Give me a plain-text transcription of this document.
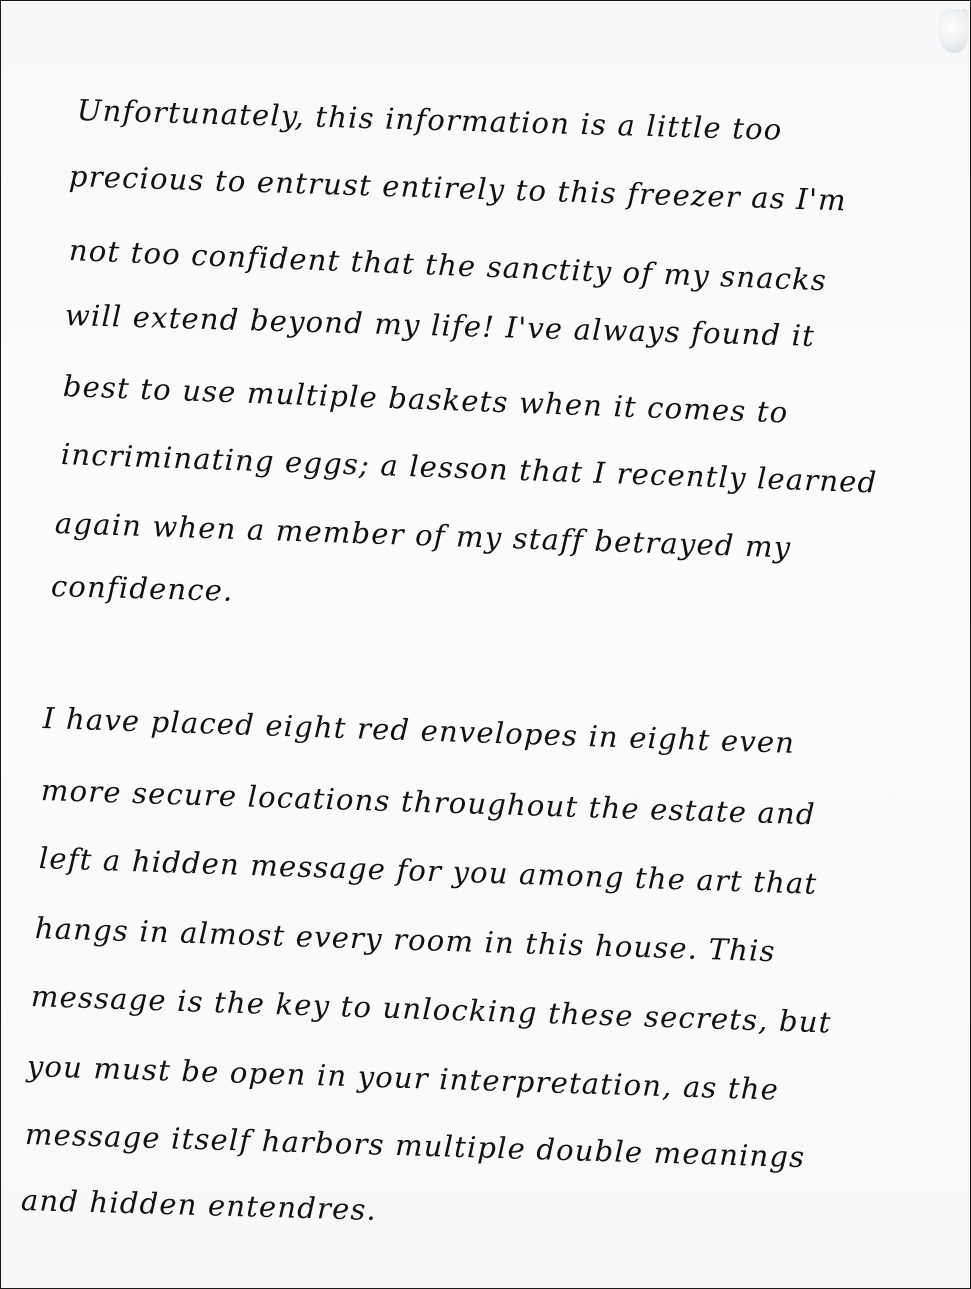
Unfortunately, this information is a little too
precious to entrust entirely to this freezer as I'm
not too confident that the sanctity of my snacks
will extend beyond my life! I've always found it
best to use multiple baskets when it comes to
incriminating eggs; a lesson that I recently learned
again when a member of my staff betrayed my
confidence.
I have placed eight red envelopes in eight even
more secure locations throughout the estate and
left a hidden message for you among the art that
hangs in almost every room in this house. This
message is the key to unlocking these secrets, but
you must be open in your interpretation, as the
message itself harbors multiple double meanings
and hidden entendres.
